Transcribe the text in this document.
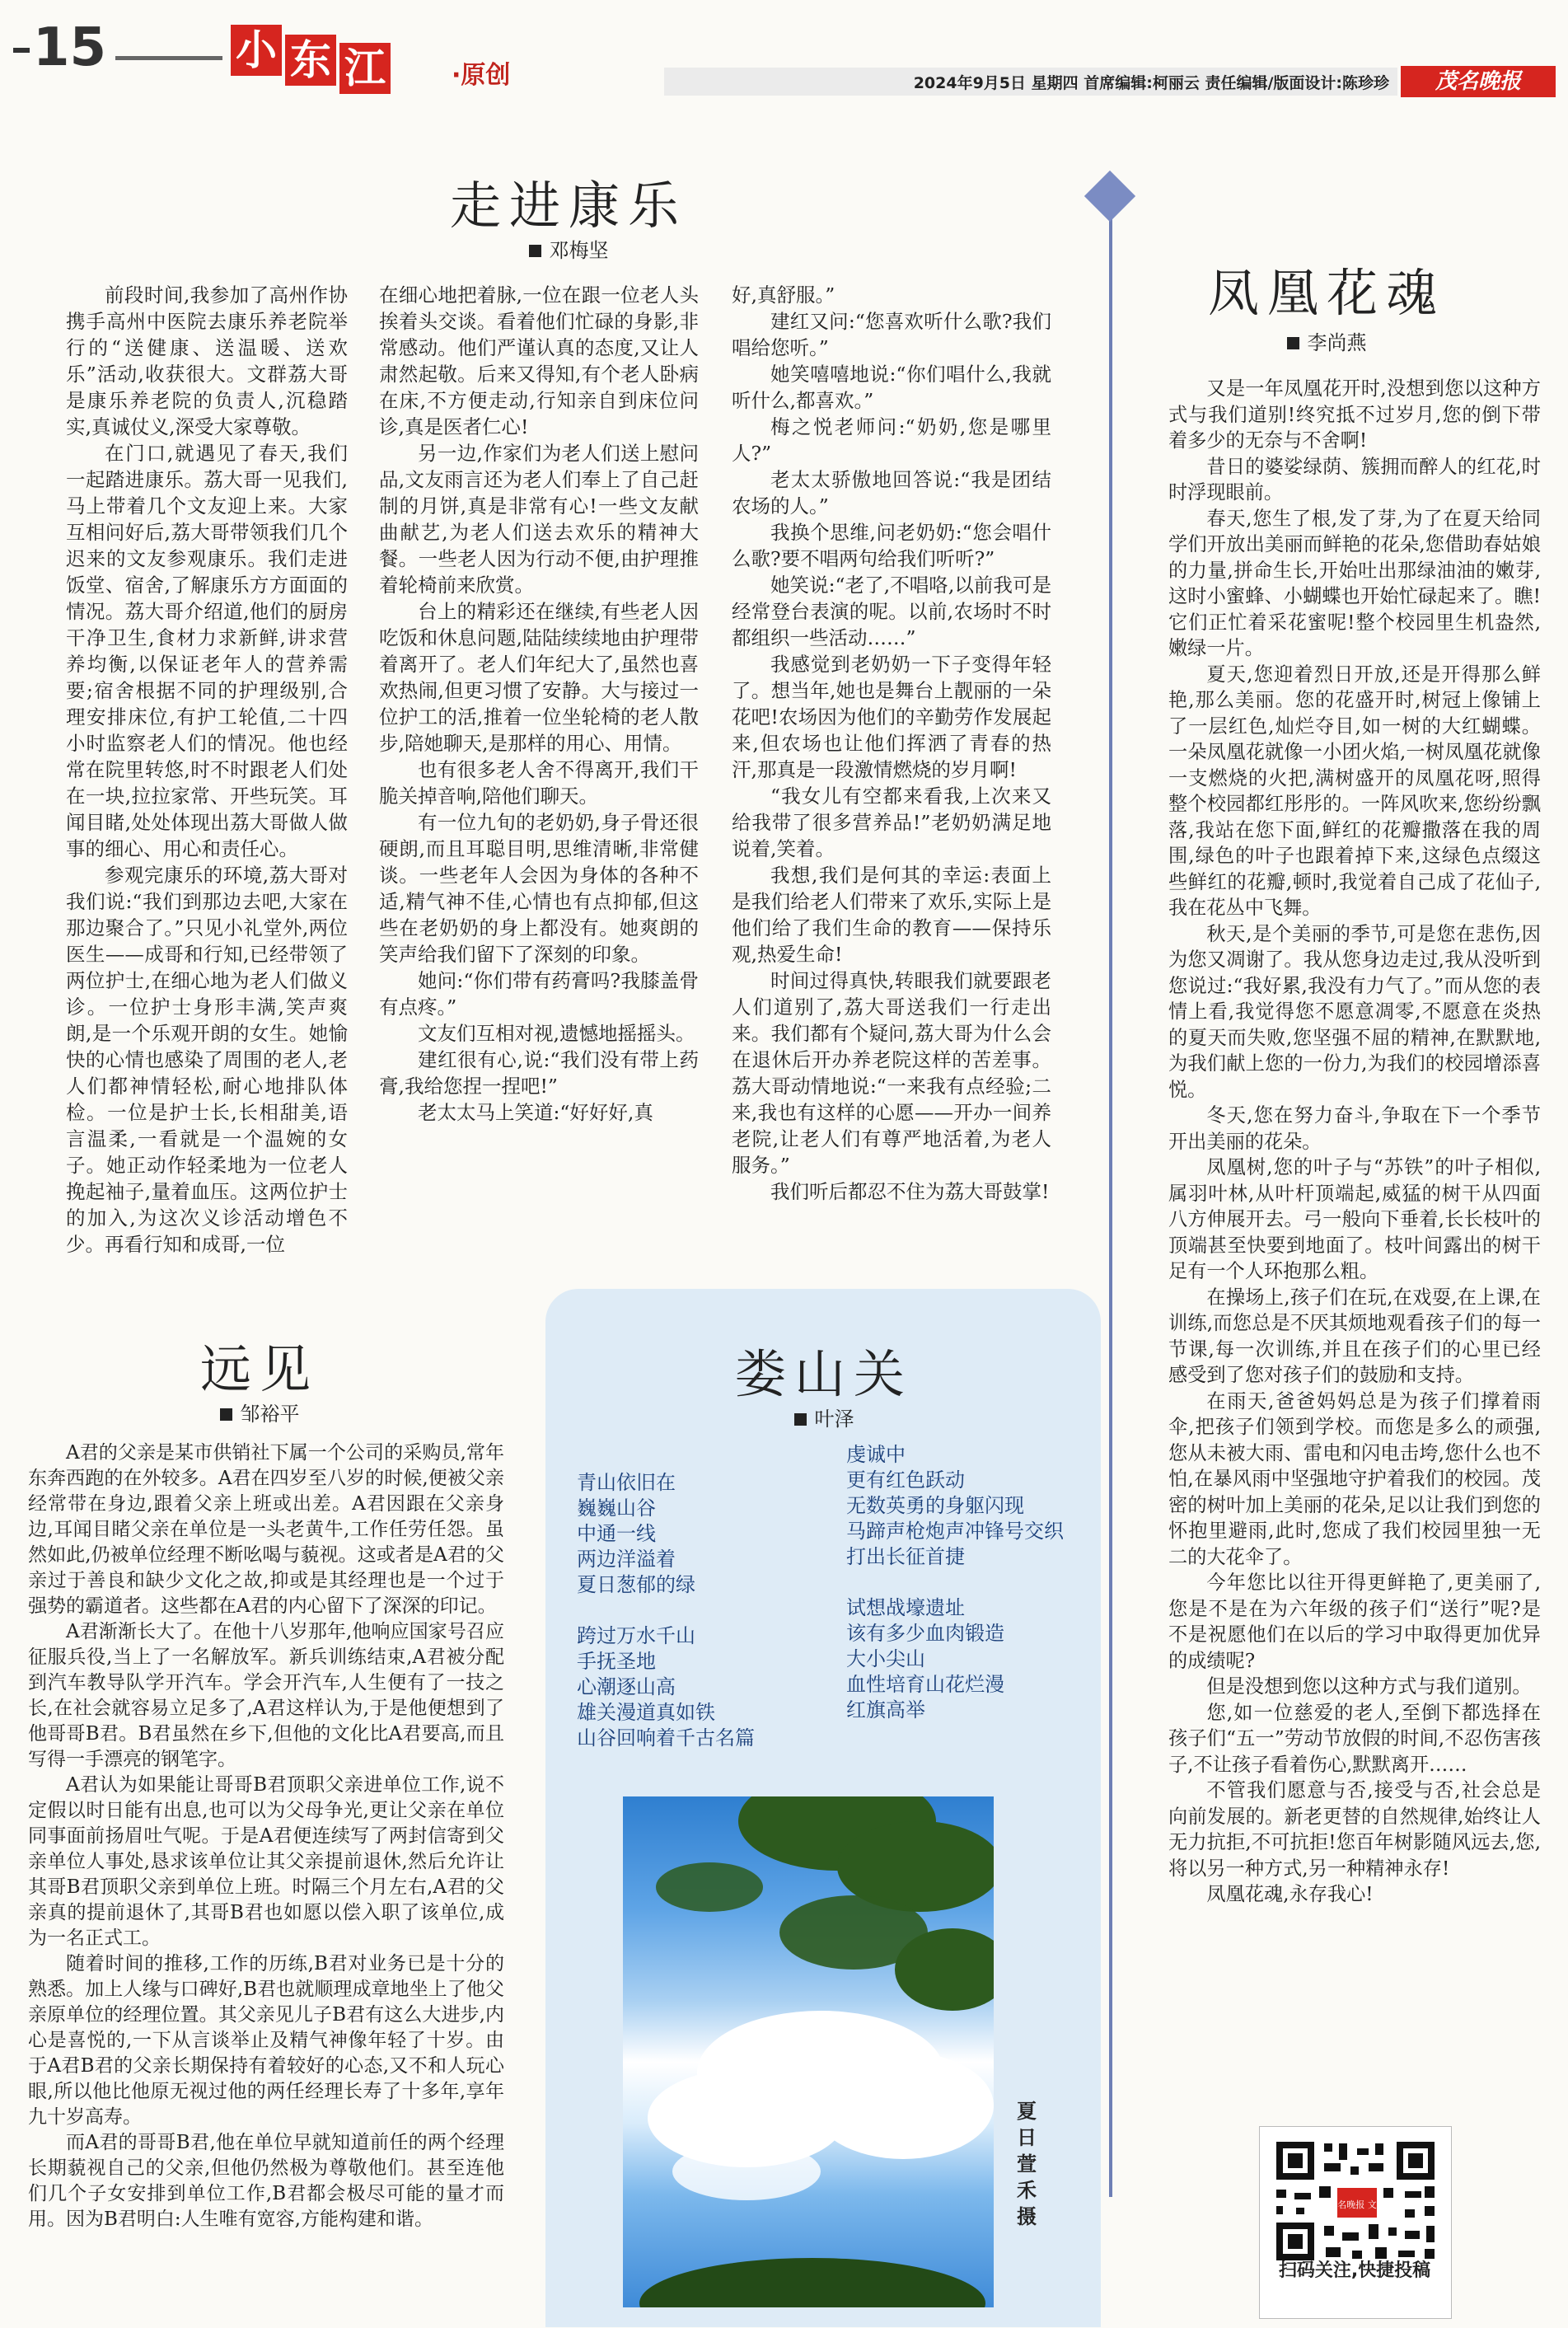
15	小 东 江	·原创	2024年9月5日 星期四 首席编辑:柯丽云 责任编辑/版面设计:陈珍珍	茂名晚报
走进康乐
邓梅坚

前段时间,我参加了高州作协携手高州中医院去康乐养老院举行的“送健康、送温暖、送欢乐”活动,收获很大。文群荔大哥是康乐养老院的负责人,沉稳踏实,真诚仗义,深受大家尊敬。

在门口,就遇见了春天,我们一起踏进康乐。荔大哥一见我们,马上带着几个文友迎上来。大家互相问好后,荔大哥带领我们几个迟来的文友参观康乐。我们走进饭堂、宿舍,了解康乐方方面面的情况。荔大哥介绍道,他们的厨房干净卫生,食材力求新鲜,讲求营养均衡,以保证老年人的营养需要;宿舍根据不同的护理级别,合理安排床位,有护工轮值,二十四小时监察老人们的情况。他也经常在院里转悠,时不时跟老人们处在一块,拉拉家常、开些玩笑。耳闻目睹,处处体现出荔大哥做人做事的细心、用心和责任心。

参观完康乐的环境,荔大哥对我们说:“我们到那边去吧,大家在那边聚合了。”只见小礼堂外,两位医生——成哥和行知,已经带领了两位护士,在细心地为老人们做义诊。一位护士身形丰满,笑声爽朗,是一个乐观开朗的女生。她愉快的心情也感染了周围的老人,老人们都神情轻松,耐心地排队体检。一位是护士长,长相甜美,语言温柔,一看就是一个温婉的女子。她正动作轻柔地为一位老人挽起袖子,量着血压。这两位护士的加入,为这次义诊活动增色不少。再看行知和成哥,一位

在细心地把着脉,一位在跟一位老人头挨着头交谈。看着他们忙碌的身影,非常感动。他们严谨认真的态度,又让人肃然起敬。后来又得知,有个老人卧病在床,不方便走动,行知亲自到床位问诊,真是医者仁心!

另一边,作家们为老人们送上慰问品,文友雨言还为老人们奉上了自己赶制的月饼,真是非常有心!一些文友献曲献艺,为老人们送去欢乐的精神大餐。一些老人因为行动不便,由护理推着轮椅前来欣赏。

台上的精彩还在继续,有些老人因吃饭和休息问题,陆陆续续地由护理带着离开了。老人们年纪大了,虽然也喜欢热闹,但更习惯了安静。大与接过一位护工的活,推着一位坐轮椅的老人散步,陪她聊天,是那样的用心、用情。

也有很多老人舍不得离开,我们干脆关掉音响,陪他们聊天。

有一位九旬的老奶奶,身子骨还很硬朗,而且耳聪目明,思维清晰,非常健谈。一些老年人会因为身体的各种不适,精气神不佳,心情也有点抑郁,但这些在老奶奶的身上都没有。她爽朗的笑声给我们留下了深刻的印象。

她问:“你们带有药膏吗?我膝盖骨有点疼。”

文友们互相对视,遗憾地摇摇头。

建红很有心,说:“我们没有带上药膏,我给您捏一捏吧!”

老太太马上笑道:“好好好,真

好,真舒服。”

建红又问:“您喜欢听什么歌?我们唱给您听。”

她笑嘻嘻地说:“你们唱什么,我就听什么,都喜欢。”

梅之悦老师问:“奶奶,您是哪里人?”

老太太骄傲地回答说:“我是团结农场的人。”

我换个思维,问老奶奶:“您会唱什么歌?要不唱两句给我们听听?”

她笑说:“老了,不唱咯,以前我可是经常登台表演的呢。以前,农场时不时都组织一些活动……”

我感觉到老奶奶一下子变得年轻了。想当年,她也是舞台上靓丽的一朵花吧!农场因为他们的辛勤劳作发展起来,但农场也让他们挥洒了青春的热汗,那真是一段激情燃烧的岁月啊!

“我女儿有空都来看我,上次来又给我带了很多营养品!”老奶奶满足地说着,笑着。

我想,我们是何其的幸运:表面上是我们给老人们带来了欢乐,实际上是他们给了我们生命的教育——保持乐观,热爱生命!

时间过得真快,转眼我们就要跟老人们道别了,荔大哥送我们一行走出来。我们都有个疑问,荔大哥为什么会在退休后开办养老院这样的苦差事。荔大哥动情地说:“一来我有点经验;二来,我也有这样的心愿——开办一间养老院,让老人们有尊严地活着,为老人服务。”

我们听后都忍不住为荔大哥鼓掌!

凤凰花魂
李尚燕

又是一年凤凰花开时,没想到您以这种方式与我们道别!终究抵不过岁月,您的倒下带着多少的无奈与不舍啊!

昔日的婆娑绿荫、簇拥而醉人的红花,时时浮现眼前。

春天,您生了根,发了芽,为了在夏天给同学们开放出美丽而鲜艳的花朵,您借助春姑娘的力量,拼命生长,开始吐出那绿油油的嫩芽,这时小蜜蜂、小蝴蝶也开始忙碌起来了。瞧!它们正忙着采花蜜呢!整个校园里生机盎然,嫩绿一片。

夏天,您迎着烈日开放,还是开得那么鲜艳,那么美丽。您的花盛开时,树冠上像铺上了一层红色,灿烂夺目,如一树的大红蝴蝶。一朵凤凰花就像一小团火焰,一树凤凰花就像一支燃烧的火把,满树盛开的凤凰花呀,照得整个校园都红彤彤的。一阵风吹来,您纷纷飘落,我站在您下面,鲜红的花瓣撒落在我的周围,绿色的叶子也跟着掉下来,这绿色点缀这些鲜红的花瓣,顿时,我觉着自己成了花仙子,我在花丛中飞舞。

秋天,是个美丽的季节,可是您在悲伤,因为您又凋谢了。我从您身边走过,我从没听到您说过:“我好累,我没有力气了。”而从您的表情上看,我觉得您不愿意凋零,不愿意在炎热的夏天而失败,您坚强不屈的精神,在默默地,为我们献上您的一份力,为我们的校园增添喜悦。

冬天,您在努力奋斗,争取在下一个季节开出美丽的花朵。

凤凰树,您的叶子与“苏铁”的叶子相似,属羽叶林,从叶杆顶端起,威猛的树干从四面八方伸展开去。弓一般向下垂着,长长枝叶的顶端甚至快要到地面了。枝叶间露出的树干足有一个人环抱那么粗。

在操场上,孩子们在玩,在戏耍,在上课,在训练,而您总是不厌其烦地观看孩子们的每一节课,每一次训练,并且在孩子们的心里已经感受到了您对孩子们的鼓励和支持。

在雨天,爸爸妈妈总是为孩子们撑着雨伞,把孩子们领到学校。而您是多么的顽强,您从未被大雨、雷电和闪电击垮,您什么也不怕,在暴风雨中坚强地守护着我们的校园。茂密的树叶加上美丽的花朵,足以让我们到您的怀抱里避雨,此时,您成了我们校园里独一无二的大花伞了。

今年您比以往开得更鲜艳了,更美丽了,您是不是在为六年级的孩子们“送行”呢?是不是祝愿他们在以后的学习中取得更加优异的成绩呢?

但是没想到您以这种方式与我们道别。

您,如一位慈爱的老人,至倒下都选择在孩子们“五一”劳动节放假的时间,不忍伤害孩子,不让孩子看着伤心,默默离开……

不管我们愿意与否,接受与否,社会总是向前发展的。新老更替的自然规律,始终让人无力抗拒,不可抗拒!您百年树影随风远去,您,将以另一种方式,另一种精神永存!

凤凰花魂,永存我心!

远见
邹裕平

A君的父亲是某市供销社下属一个公司的采购员,常年东奔西跑的在外较多。A君在四岁至八岁的时候,便被父亲经常带在身边,跟着父亲上班或出差。A君因跟在父亲身边,耳闻目睹父亲在单位是一头老黄牛,工作任劳任怨。虽然如此,仍被单位经理不断吆喝与藐视。这或者是A君的父亲过于善良和缺少文化之故,抑或是其经理也是一个过于强势的霸道者。这些都在A君的内心留下了深深的印记。

A君渐渐长大了。在他十八岁那年,他响应国家号召应征服兵役,当上了一名解放军。新兵训练结束,A君被分配到汽车教导队学开汽车。学会开汽车,人生便有了一技之长,在社会就容易立足多了,A君这样认为,于是他便想到了他哥哥B君。B君虽然在乡下,但他的文化比A君要高,而且写得一手漂亮的钢笔字。

A君认为如果能让哥哥B君顶职父亲进单位工作,说不定假以时日能有出息,也可以为父母争光,更让父亲在单位同事面前扬眉吐气呢。于是A君便连续写了两封信寄到父亲单位人事处,恳求该单位让其父亲提前退休,然后允许让其哥B君顶职父亲到单位上班。时隔三个月左右,A君的父亲真的提前退休了,其哥B君也如愿以偿入职了该单位,成为一名正式工。

随着时间的推移,工作的历练,B君对业务已是十分的熟悉。加上人缘与口碑好,B君也就顺理成章地坐上了他父亲原单位的经理位置。其父亲见儿子B君有这么大进步,内心是喜悦的,一下从言谈举止及精气神像年轻了十岁。由于A君B君的父亲长期保持有着较好的心态,又不和人玩心眼,所以他比他原无视过他的两任经理长寿了十多年,享年九十岁高寿。

而A君的哥哥B君,他在单位早就知道前任的两个经理长期藐视自己的父亲,但他仍然极为尊敬他们。甚至连他们几个子女安排到单位工作,B君都会极尽可能的量才而用。因为B君明白:人生唯有宽容,方能构建和谐。

娄山关
叶泽
青山依旧在
巍巍山谷
中通一线
两边洋溢着
夏日葱郁的绿
跨过万水千山
手抚圣地
心潮逐山高
雄关漫道真如铁
山谷回响着千古名篇
虔诚中
更有红色跃动
无数英勇的身躯闪现
马蹄声枪炮声冲锋号交织
打出长征首捷
试想战壕遗址
该有多少血肉锻造
大小尖山
血性培育山花烂漫
红旗高举
夏日 萱禾摄
茂名晚报 文艺
扫码关注,快捷投稿
